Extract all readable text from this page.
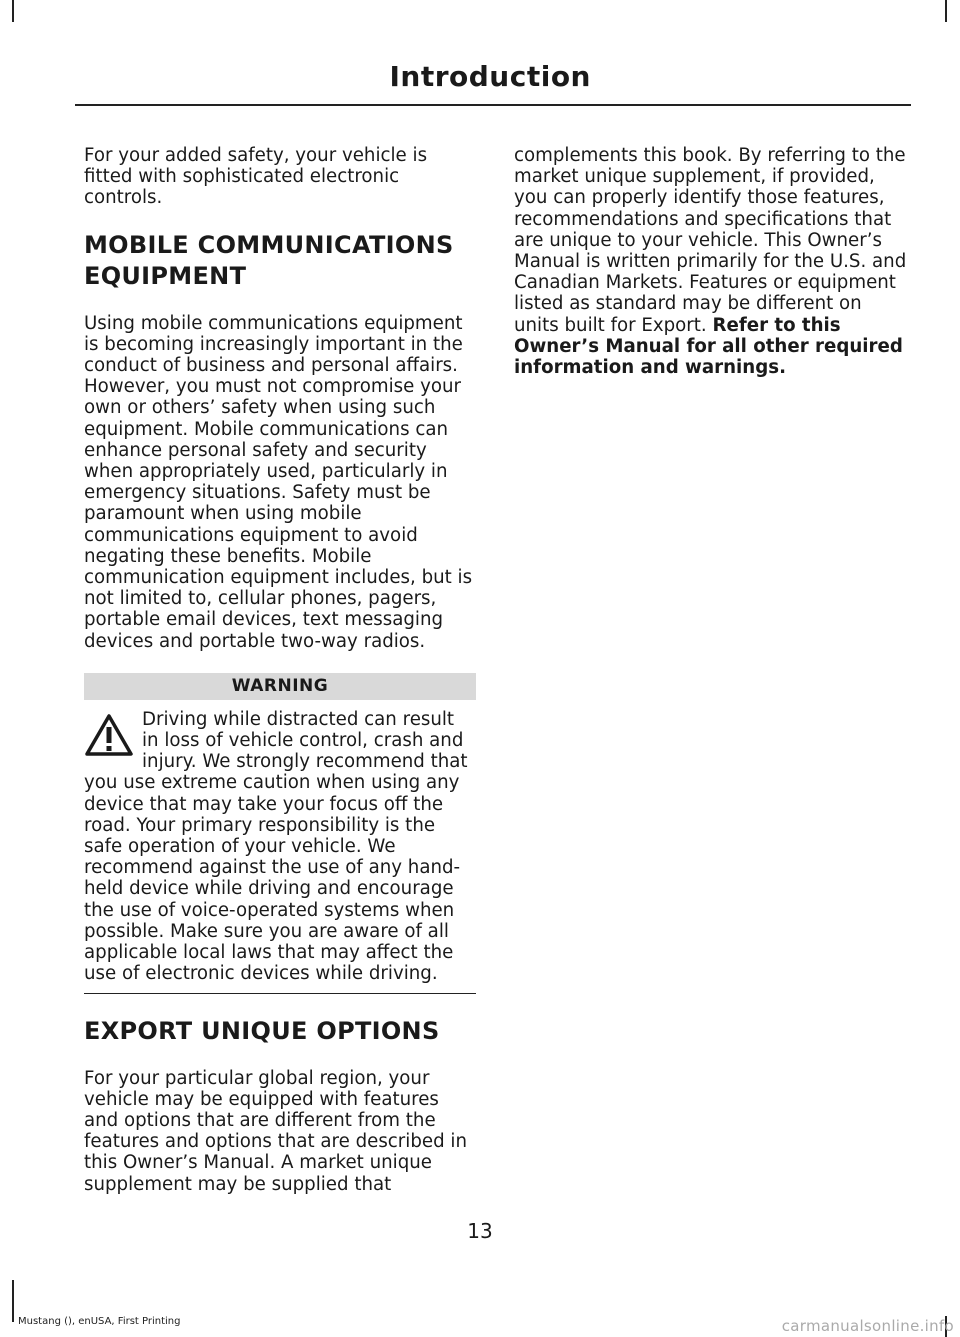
Introduction

For your added safety, your vehicle is fitted with sophisticated electronic controls.

MOBILE COMMUNICATIONS
EQUIPMENT

Using mobile communications equipment is becoming increasingly important in the conduct of business and personal affairs. However, you must not compromise your own or others’ safety when using such equipment. Mobile communications can enhance personal safety and security when appropriately used, particularly in emergency situations. Safety must be paramount when using mobile communications equipment to avoid negating these benefits. Mobile communication equipment includes, but is not limited to, cellular phones, pagers, portable email devices, text messaging devices and portable two-way radios.

WARNING
Driving while distracted can result in loss of vehicle control, crash and injury. We strongly recommend that you use extreme caution when using any device that may take your focus off the road. Your primary responsibility is the safe operation of your vehicle. We recommend against the use of any hand-held device while driving and encourage the use of voice-operated systems when possible. Make sure you are aware of all applicable local laws that may affect the use of electronic devices while driving.
EXPORT UNIQUE OPTIONS

For your particular global region, your vehicle may be equipped with features and options that are different from the features and options that are described in this Owner’s Manual. A market unique supplement may be supplied that

complements this book. By referring to the market unique supplement, if provided, you can properly identify those features, recommendations and specifications that are unique to your vehicle. This Owner’s Manual is written primarily for the U.S. and Canadian Markets. Features or equipment listed as standard may be different on units built for Export. Refer to this Owner’s Manual for all other required information and warnings.

13
Mustang (), enUSA, First Printing	carmanualsonline.info
